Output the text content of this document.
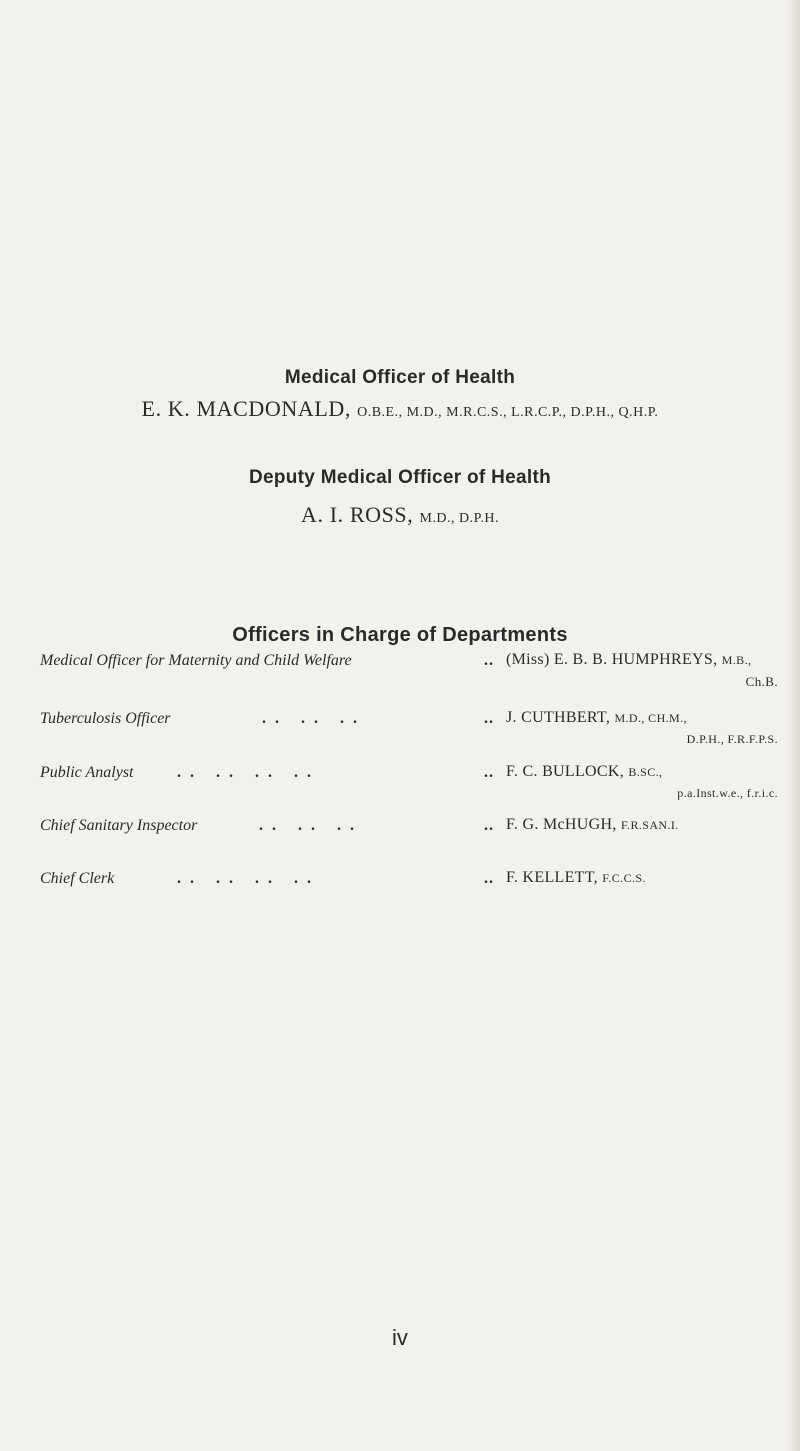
Medical Officer of Health
E. K. MACDONALD, O.B.E., M.D., M.R.C.S., L.R.C.P., D.P.H., Q.H.P.
Deputy Medical Officer of Health
A. I. ROSS, M.D., D.P.H.
Officers in Charge of Departments
Medical Officer for Maternity and Child Welfare	.. (Miss) E. B. B. HUMPHREYS, M.B.,
Ch.B.
Tuberculosis Officer	.. .. ..	.. J. CUTHBERT, M.D., CH.M.,
D.P.H., F.R.F.P.S.
Public Analyst	.. .. .. ..	.. F. C. BULLOCK, B.SC.,
p.a.Inst.w.e., f.r.i.c.
Chief Sanitary Inspector	.. .. ..	.. F. G. McHUGH, F.R.SAN.I.
Chief Clerk	.. .. .. ..	.. F. KELLETT, F.C.C.S.
iv
